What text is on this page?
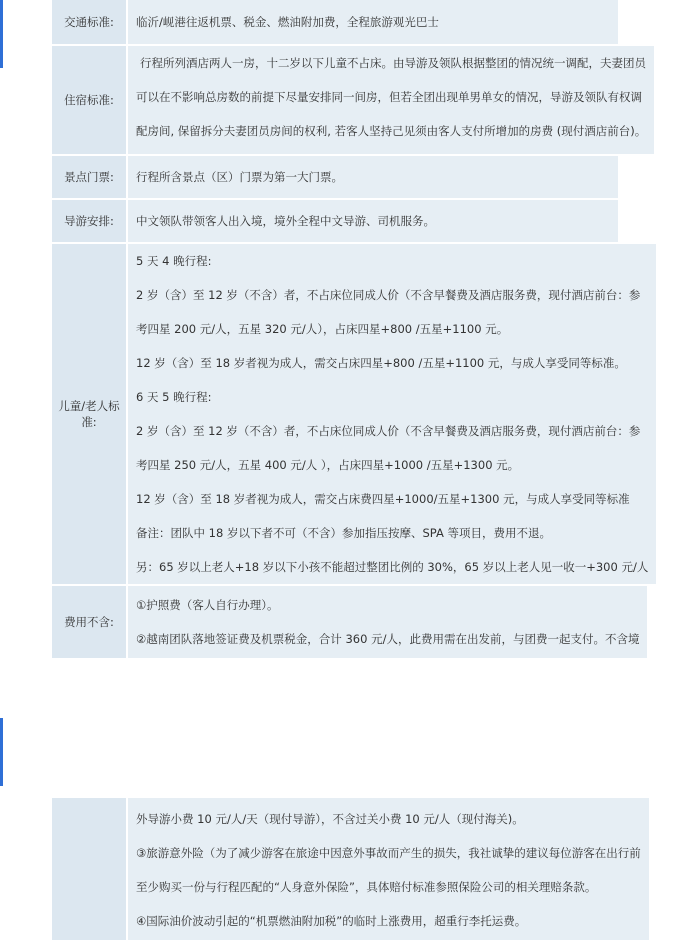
交通标准: 临沂/岘港往返机票、税金、燃油附加费，全程旅游观光巴士
住宿标准:
行程所列酒店两人一房，十二岁以下儿童不占床。由导游及领队根据整团的情况统一调配，夫妻团员
可以在不影响总房数的前提下尽量安排同一间房，但若全团出现单男单女的情况，导游及领队有权调
配房间, 保留拆分夫妻团员房间的权利, 若客人坚持己见须由客人支付所增加的房费 (现付酒店前台)。
景点门票: 行程所含景点（区）门票为第一大门票。
导游安排: 中文领队带领客人出入境，境外全程中文导游、司机服务。
儿童/老人标准:
5 天 4 晚行程:
2 岁（含）至 12 岁（不含）者，不占床位同成人价（不含早餐费及酒店服务费，现付酒店前台：参
考四星 200 元/人，五星 320 元/人），占床四星+800 /五星+1100 元。
12 岁（含）至 18 岁者视为成人，需交占床四星+800 /五星+1100 元，与成人享受同等标准。
6 天 5 晚行程:
2 岁（含）至 12 岁（不含）者，不占床位同成人价（不含早餐费及酒店服务费，现付酒店前台：参
考四星 250 元/人，五星 400 元/人 ），占床四星+1000 /五星+1300 元。
12 岁（含）至 18 岁者视为成人，需交占床费四星+1000/五星+1300 元，与成人享受同等标准
备注：团队中 18 岁以下者不可（不含）参加指压按摩、SPA 等项目，费用不退。
另：65 岁以上老人+18 岁以下小孩不能超过整团比例的 30%，65 岁以上老人见一收一+300 元/人
费用不含:
①护照费（客人自行办理）。
②越南团队落地签证费及机票税金，合计 360 元/人，此费用需在出发前，与团费一起支付。不含境
外导游小费 10 元/人/天（现付导游），不含过关小费 10 元/人（现付海关)。
③旅游意外险（为了减少游客在旅途中因意外事故而产生的损失，我社诚挚的建议每位游客在出行前
至少购买一份与行程匹配的“人身意外保险”，具体赔付标准参照保险公司的相关理赔条款。
④国际油价波动引起的“机票燃油附加税”的临时上涨费用，超重行李托运费。
